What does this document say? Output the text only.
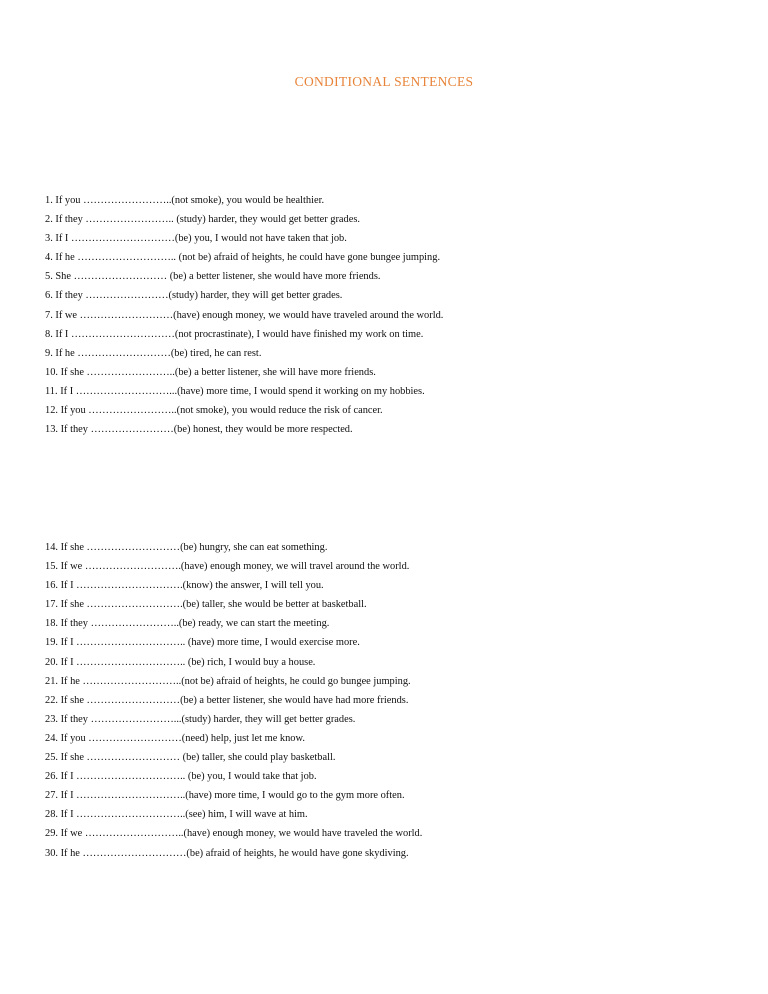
CONDITIONAL SENTENCES
1. If you ……………………..(not smoke), you would be healthier.
2. If they …………………….. (study) harder, they would get better grades.
3. If I …………………………(be) you, I would not have taken that job.
4. If he ……………………….. (not be) afraid of heights, he could have gone bungee jumping.
5. She ……………………… (be) a better listener, she would have more friends.
6. If they ……………………(study) harder, they will get better grades.
7. If we ………………………(have) enough money, we would have traveled around the world.
8. If I …………………………(not procrastinate), I would have finished my work on time.
9. If he ………………………(be) tired, he can rest.
10. If she ……………………..(be) a better listener, she will have more friends.
11. If I ………………………...(have) more time, I would spend it working on my hobbies.
12. If you ……………………..(not smoke), you would reduce the risk of cancer.
13. If they ……………………(be) honest, they would be more respected.
14. If she ………………………(be) hungry, she can eat something.
15. If we ……………………….(have) enough money, we will travel around the world.
16. If I ………………………….(know) the answer, I will tell you.
17. If she ……………………….(be) taller, she would be better at basketball.
18. If they ……………………..(be) ready, we can start the meeting.
19. If I ………………………….. (have) more time, I would exercise more.
20. If I ………………………….. (be) rich, I would buy a house.
21. If he ………………………..(not be) afraid of heights, he could go bungee jumping.
22. If she ………………………(be) a better listener, she would have had more friends.
23. If they ……………………...(study) harder, they will get better grades.
24. If you ………………………(need) help, just let me know.
25. If she ……………………… (be) taller, she could play basketball.
26. If I ………………………….. (be) you, I would take that job.
27. If I …………………………..(have) more time, I would go to the gym more often.
28. If I …………………………..(see) him, I will wave at him.
29. If we ………………………..(have) enough money, we would have traveled the world.
30. If he …………………………(be) afraid of heights, he would have gone skydiving.
